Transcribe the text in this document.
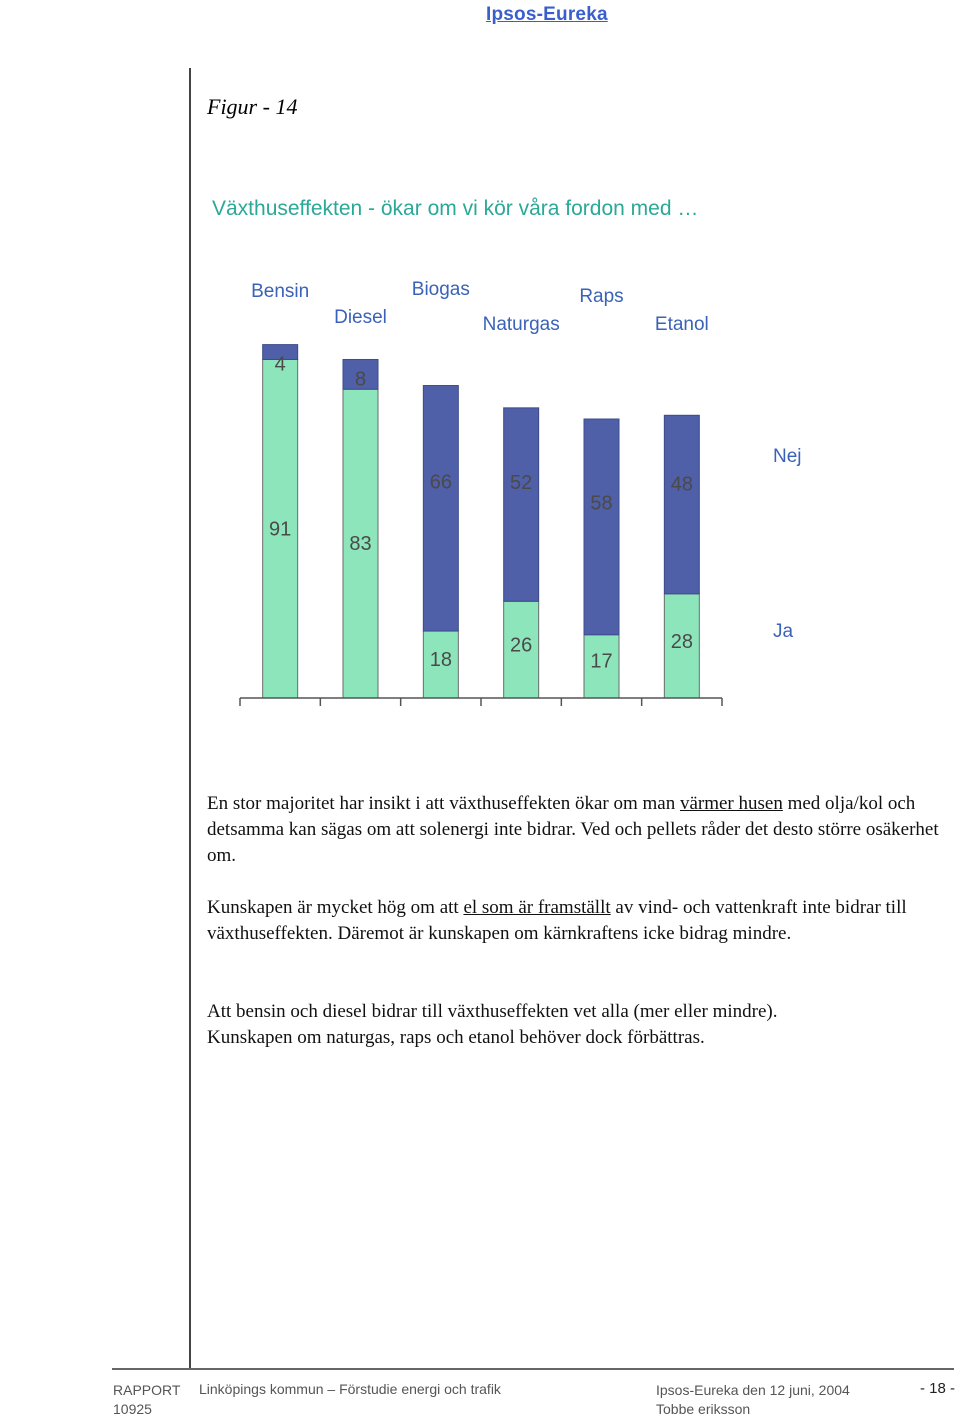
Ipsos-Eureka
Figur - 14
Växthuseffekten - ökar om vi kör våra fordon med …
Bensin
91
4
Diesel
83
8
Biogas
18
66
Naturgas
26
52
Raps
17
58
Etanol
28
48
Nej
Ja
En stor majoritet har insikt i att växthuseffekten ökar om man värmer husen med olja/kol och detsamma kan sägas om att solenergi inte bidrar. Ved och pellets råder det desto större osäkerhet om.
Kunskapen är mycket hög om att el som är framställt av vind- och vattenkraft inte bidrar till växthuseffekten. Däremot är kunskapen om kärnkraftens icke bidrag mindre.
Att bensin och diesel bidrar till växthuseffekten vet alla (mer eller mindre).
Kunskapen om naturgas, raps och etanol behöver dock förbättras.
RAPPORT
10925
Linköpings kommun – Förstudie energi och trafik	Ipsos-Eureka den 12 juni, 2004
Tobbe eriksson
- 18 -
